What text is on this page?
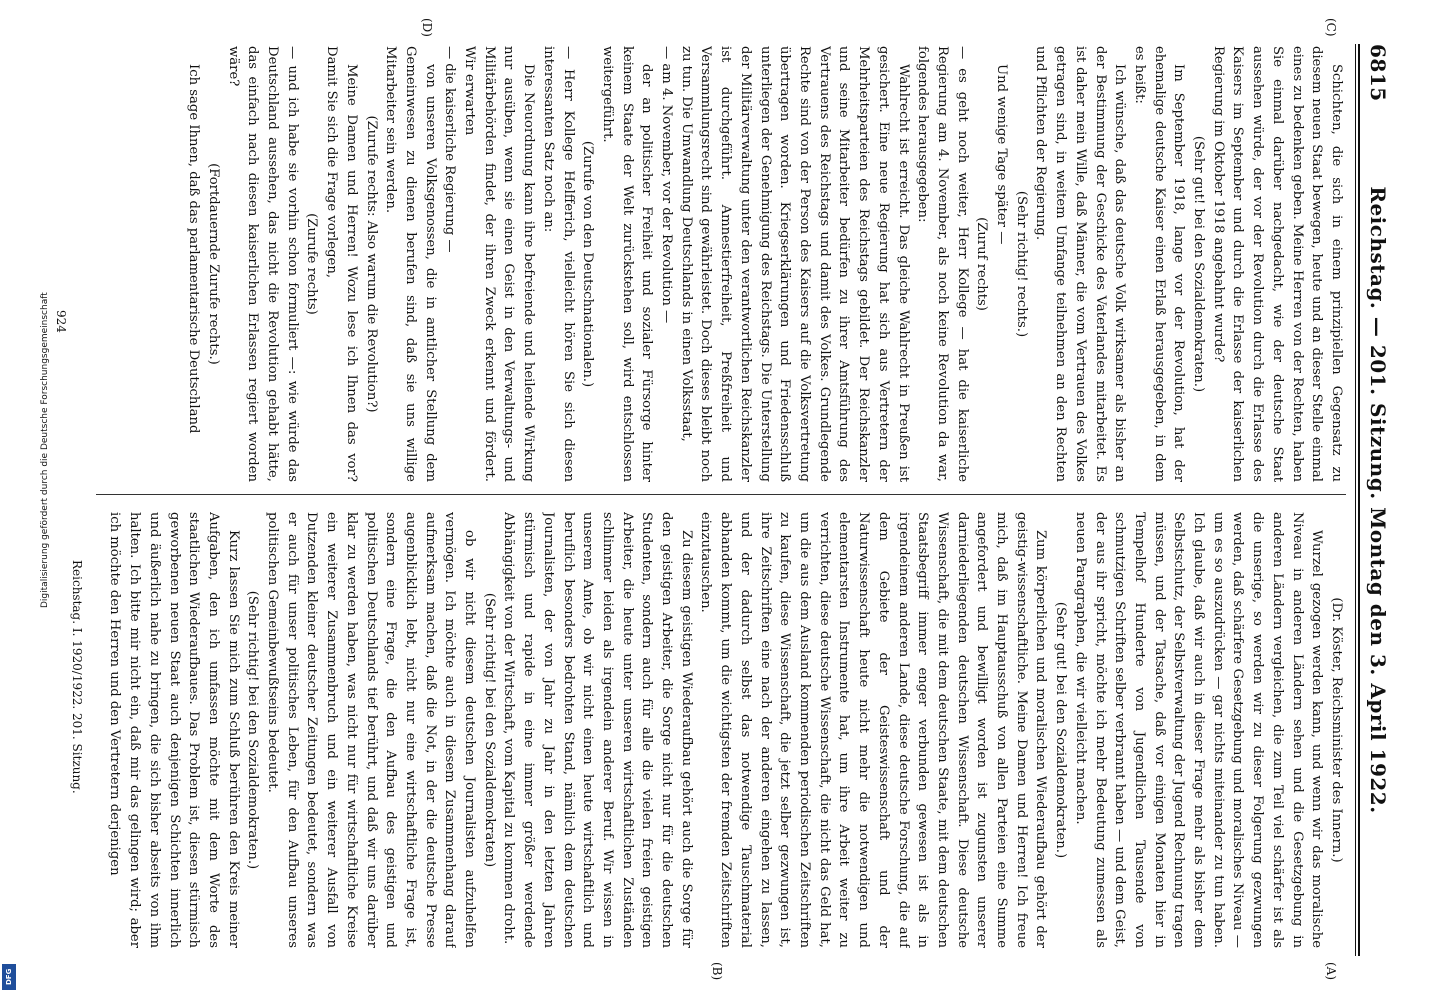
6815
Reichstag. — 201. Sitzung. Montag den 3. April 1922.
(C)
(D)
(A)
(B)

Schichten, die sich in einem prinzipiellen Gegensatz zu diesem neuen Staat bewegen, heute und an dieser Stelle einmal eines zu bedenken geben. Meine Herren von der Rechten, haben Sie einmal darüber nachgedacht, wie der deutsche Staat aussehen würde, der vor der Revolution durch die Erlasse des Kaisers im September und durch die Erlasse der kaiserlichen Regierung im Oktober 1918 angebahnt wurde?

(Sehr gut! bei den Sozialdemokraten.)

Im September 1918, lange vor der Revolution, hat der ehemalige deutsche Kaiser einen Erlaß herausgegeben, in dem es heißt:

Ich wünsche, daß das deutsche Volk wirksamer als bisher an der Bestimmung der Geschicke des Vaterlandes mitarbeitet. Es ist daher mein Wille, daß Männer, die vom Vertrauen des Volkes getragen sind, in weitem Umfange teilnehmen an den Rechten und Pflichten der Regierung.

(Sehr richtig! rechts.)

Und wenige Tage später —

(Zuruf rechts)

— es geht noch weiter, Herr Kollege — hat die kaiserliche Regierung am 4. November, als noch keine Revolution da war, folgendes herausgegeben:

Wahlrecht ist erreicht. Das gleiche Wahlrecht in Preußen ist gesichert. Eine neue Regierung hat sich aus Vertretern der Mehrheitsparteien des Reichstags gebildet. Der Reichskanzler und seine Mitarbeiter bedürfen zu ihrer Amtsführung des Vertrauens des Reichstags und damit des Volkes. Grundlegende Rechte sind von der Person des Kaisers auf die Volksvertretung übertragen worden. Kriegserklärungen und Friedensschluß unterliegen der Genehmigung des Reichstags. Die Unterstellung der Militärverwaltung unter den verantwortlichen Reichskanzler ist durchgeführt. Amnestierfreiheit, Preßfreiheit und Versammlungsrecht sind gewährleistet. Doch dieses bleibt noch zu tun. Die Umwandlung Deutschlands in einen Volksstaat,

— am 4. November, vor der Revolution —

der an politischer Freiheit und sozialer Fürsorge hinter keinem Staate der Welt zurückstehen soll, wird entschlossen weitergeführt.

(Zurufe von den Deutschnationalen.)

— Herr Kollege Helfferich, vielleicht hören Sie sich diesen interessanten Satz noch an:

Die Neuordnung kann ihre befreiende und heilende Wirkung nur ausüben, wenn sie einen Geist in den Verwaltungs- und Militärbehörden findet, der ihren Zweck erkennt und fördert. Wir erwarten

— die kaiserliche Regierung —

von unseren Volksgenossen, die in amtlicher Stellung dem Gemeinwesen zu dienen berufen sind, daß sie uns willige Mitarbeiter sein werden.

(Zurufe rechts: Also warum die Revolution?)

Meine Damen und Herren! Wozu lese ich Ihnen das vor? Damit Sie sich die Frage vorlegen,

(Zurufe rechts)

— und ich habe sie vorhin schon formuliert —: wie würde das Deutschland aussehen, das nicht die Revolution gehabt hätte, das einfach nach diesen kaiserlichen Erlassen regiert worden wäre?

(Fortdauernde Zurufe rechts.)

Ich sage Ihnen, daß das parlamentarische Deutschland

(Dr. Köster, Reichsminister des Innern.)

Wurzel gezogen werden kann, und wenn wir das moralische Niveau in anderen Ländern sehen und die Gesetzgebung in anderen Ländern vergleichen, die zum Teil viel schärfer ist als die unserige, so werden wir zu dieser Folgerung gezwungen werden, daß schärfere Gesetzgebung und moralisches Niveau — um es so auszudrücken — gar nichts miteinander zu tun haben. Ich glaube, daß wir auch in dieser Frage mehr als bisher dem Selbstschutz, der Selbstverwaltung der Jugend Rechnung tragen müssen, und der Tatsache, daß vor einigen Monaten hier in Tempelhof Hunderte von Jugendlichen Tausende von schmutzigen Schriften selber verbrannt haben — und dem Geist, der aus ihr spricht, möchte ich mehr Bedeutung zumessen als neuen Paragraphen, die wir vielleicht machen.

(Sehr gut! bei den Sozialdemokraten.)

Zum körperlichen und moralischen Wiederaufbau gehört der geistig-wissenschaftliche. Meine Damen und Herren! Ich freue mich, daß im Hauptausschuß von allen Parteien eine Summe angefordert und bewilligt worden ist zugunsten unserer darniederliegenden deutschen Wissenschaft. Diese deutsche Wissenschaft, die mit dem deutschen Staate, mit dem deutschen Staatsbegriff immer enger verbunden gewesen ist als in irgendeinem anderen Lande, diese deutsche Forschung, die auf dem Gebiete der Geisteswissenschaft und der Naturwissenschaft heute nicht mehr die notwendigen und elementarsten Instrumente hat, um ihre Arbeit weiter zu verrichten, diese deutsche Wissenschaft, die nicht das Geld hat, um die aus dem Ausland kommenden periodischen Zeitschriften zu kaufen, diese Wissenschaft, die jetzt selber gezwungen ist, ihre Zeitschriften eine nach der anderen eingehen zu lassen, und der dadurch selbst das notwendige Tauschmaterial abhanden kommt, um die wichtigsten der fremden Zeitschriften einzutauschen.

Zu diesem geistigen Wiederaufbau gehört auch die Sorge für den geistigen Arbeiter, die Sorge nicht nur für die deutschen Studenten, sondern auch für alle die vielen freien geistigen Arbeiter, die heute unter unseren wirtschaftlichen Zuständen schlimmer leiden als irgendein anderer Beruf. Wir wissen in unserem Amte, ob wir nicht einen heute wirtschaftlich und beruflich besonders bedrohten Stand, nämlich dem deutschen Journalisten, der von Jahr zu Jahr in den letzten Jahren stürmisch und rapide in eine immer größer werdende Abhängigkeit von der Wirtschaft, vom Kapital zu kommen droht.

(Sehr richtig! bei den Sozialdemokraten)

ob wir nicht diesem deutschen Journalisten aufzuhelfen vermögen. Ich möchte auch in diesem Zusammenhang darauf aufmerksam machen, daß die Not, in der die deutsche Presse augenblicklich lebt, nicht nur eine wirtschaftliche Frage ist, sondern eine Frage, die den Aufbau des geistigen und politischen Deutschlands tief berührt, und daß wir uns darüber klar zu werden haben, was nicht nur für wirtschaftliche Kreise ein weiterer Zusammenbruch und ein weiterer Ausfall von Dutzenden kleiner deutscher Zeitungen bedeutet, sondern was er auch für unser politisches Leben, für den Aufbau unseres politischen Gemeinbewußtseins bedeutet.

(Sehr richtig! bei den Sozialdemokraten.)

Kurz lassen Sie mich zum Schluß berühren den Kreis meiner Aufgaben, den ich umfassen möchte mit dem Worte des staatlichen Wiederaufbaues. Das Problem ist, diesen stürmisch geworbenen neuen Staat auch denjenigen Schichten innerlich und äußerlich nahe zu bringen, die sich bisher abseits von ihm halten. Ich bitte mir nicht ein, daß mir das gelingen wird; aber ich möchte den Herren und den Vertretern derjenigen

Reichstag. I. 1920/1922. 201. Sitzung.
924
Digitalisierung gefördert durch die Deutsche Forschungsgemeinschaft
DFG
